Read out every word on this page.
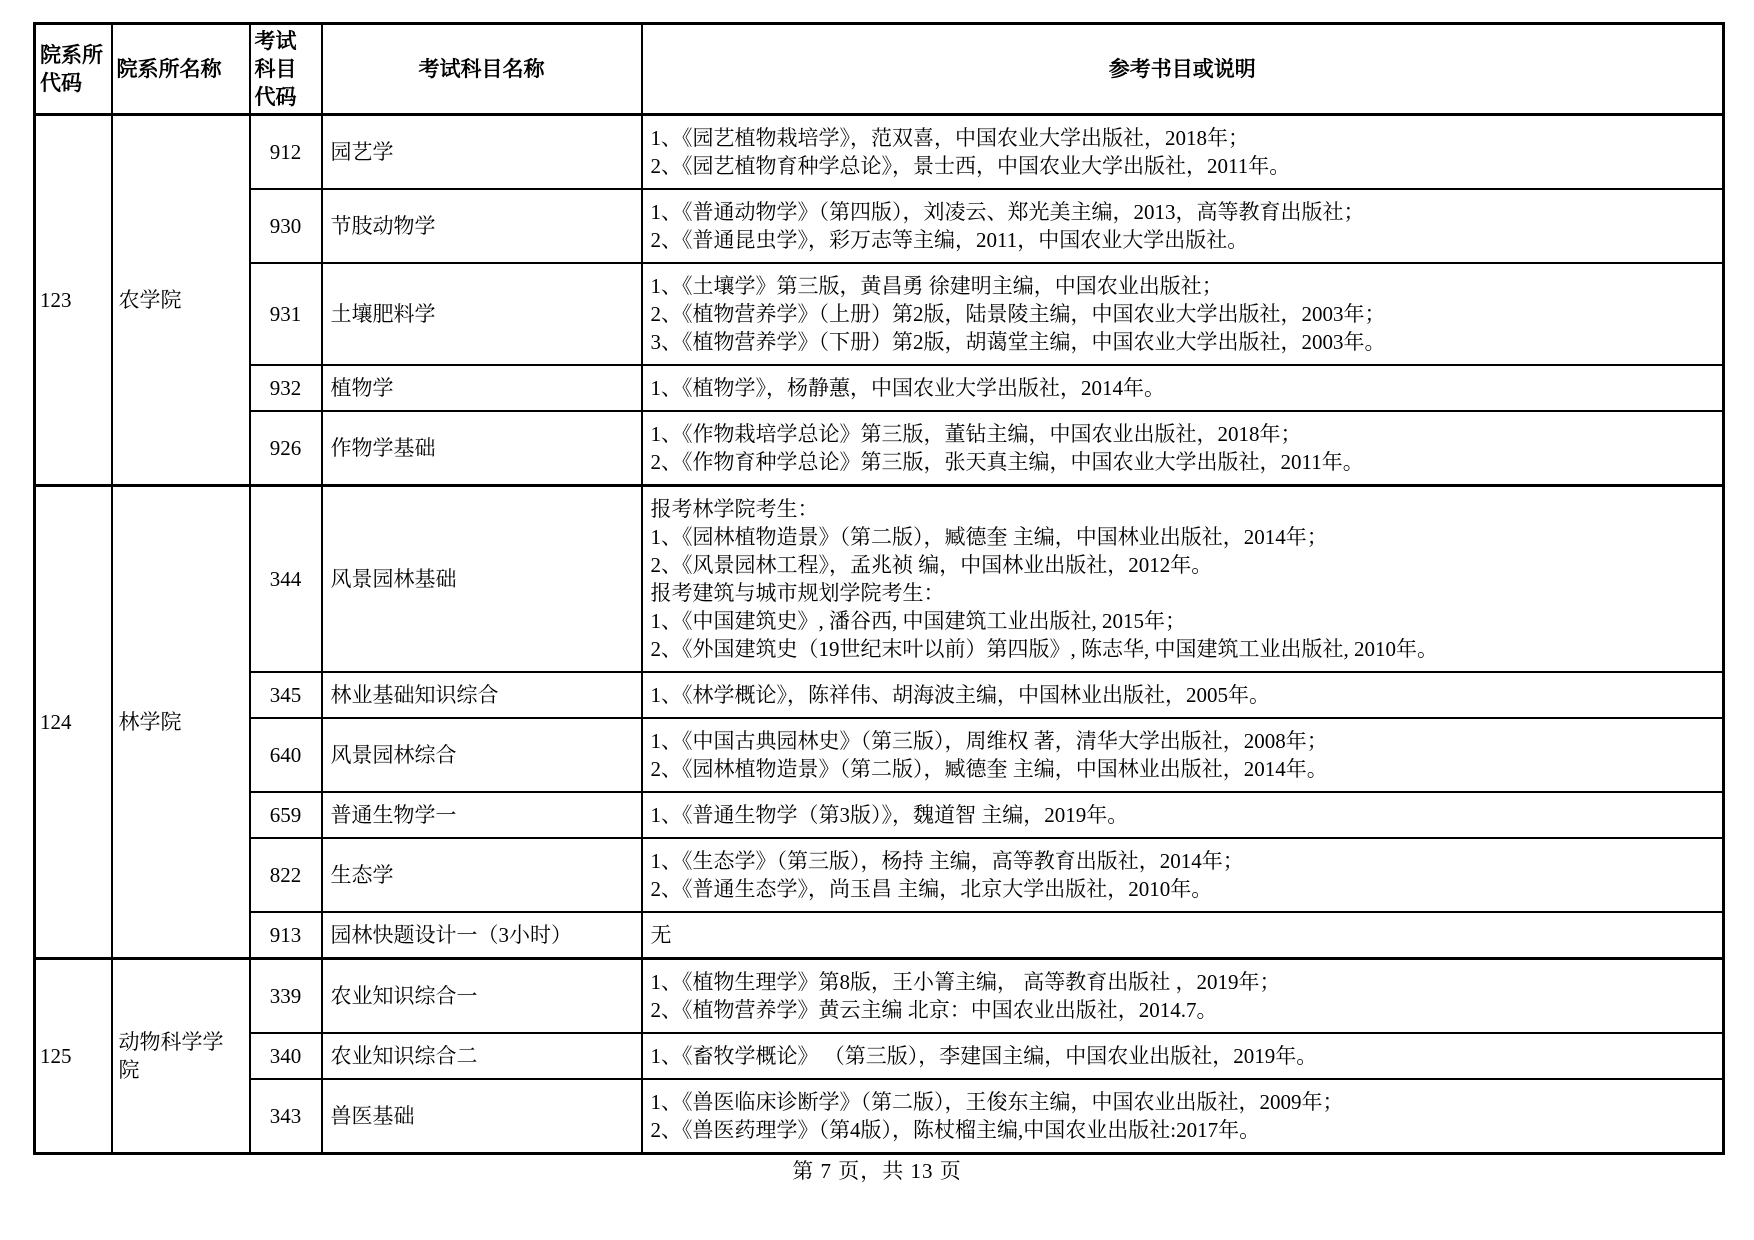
院系所代码	院系所名称	考试科目代码	考试科目名称	参考书目或说明
123	农学院	912	园艺学	1、《园艺植物栽培学》，范双喜，中国农业大学出版社，2018年；
2、《园艺植物育种学总论》，景士西，中国农业大学出版社，2011年。

		930	节肢动物学	1、《普通动物学》（第四版），刘凌云、郑光美主编，2013，高等教育出版社；
2、《普通昆虫学》，彩万志等主编，2011，中国农业大学出版社。

		931	土壤肥料学	1、《土壤学》第三版，黄昌勇 徐建明主编，中国农业出版社；
2、《植物营养学》（上册）第2版，陆景陵主编，中国农业大学出版社，2003年；
3、《植物营养学》（下册）第2版，胡蔼堂主编，中国农业大学出版社，2003年。

		932	植物学	1、《植物学》，杨静蕙，中国农业大学出版社，2014年。

		926	作物学基础	1、《作物栽培学总论》第三版，董钻主编，中国农业出版社，2018年；
2、《作物育种学总论》第三版，张天真主编，中国农业大学出版社，2011年。

124	林学院	344	风景园林基础	
报考林学院考生：
1、《园林植物造景》（第二版），臧德奎 主编，中国林业出版社，2014年；
2、《风景园林工程》，孟兆祯 编，中国林业出版社，2012年。
报考建筑与城市规划学院考生：
1、《中国建筑史》, 潘谷西, 中国建筑工业出版社, 2015年；
2、《外国建筑史（19世纪末叶以前）第四版》, 陈志华, 中国建筑工业出版社, 2010年。

		345	林业基础知识综合	1、《林学概论》，陈祥伟、胡海波主编，中国林业出版社，2005年。

		640	风景园林综合	1、《中国古典园林史》（第三版），周维权 著，清华大学出版社，2008年；
2、《园林植物造景》（第二版），臧德奎 主编，中国林业出版社，2014年。

		659	普通生物学一	1、《普通生物学（第3版）》，魏道智 主编，2019年。

		822	生态学	1、《生态学》（第三版），杨持 主编，高等教育出版社，2014年；
2、《普通生态学》，尚玉昌 主编，北京大学出版社，2010年。

		913	园林快题设计一（3小时）	无

125	动物科学学院	339	农业知识综合一	1、《植物生理学》第8版，王小箐主编， 高等教育出版社 ，2019年；
2、《植物营养学》黄云主编 北京：中国农业出版社，2014.7。

		340	农业知识综合二	1、《畜牧学概论》 （第三版），李建国主编，中国农业出版社，2019年。

		343	兽医基础	1、《兽医临床诊断学》（第二版），王俊东主编，中国农业出版社，2009年；
2、《兽医药理学》（第4版），陈杖榴主编,中国农业出版社:2017年。
第 7 页，共 13 页
